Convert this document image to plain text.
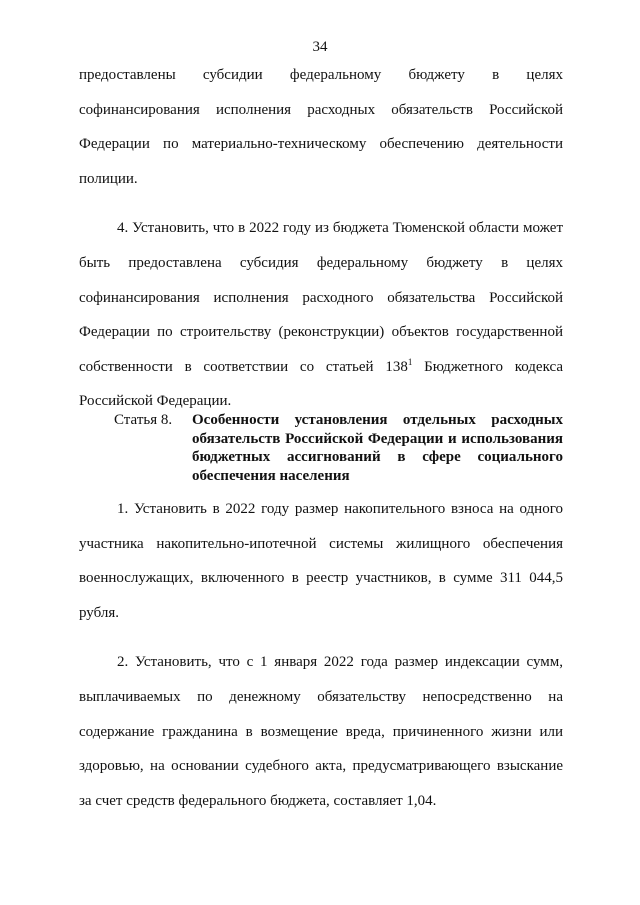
34

предоставлены субсидии федеральному бюджету в целях софинансирования исполнения расходных обязательств Российской Федерации по материально-техническому обеспечению деятельности полиции.

4. Установить, что в 2022 году из бюджета Тюменской области может быть предоставлена субсидия федеральному бюджету в целях софинансирования исполнения расходного обязательства Российской Федерации по строительству (реконструкции) объектов государственной собственности в соответствии со статьей $138^1$ Бюджетного кодекса Российской Федерации.

Статья 8.	Особенности установления отдельных расходных обязательств Российской Федерации и использования бюджетных ассигнований в сфере социального обеспечения населения

1. Установить в 2022 году размер накопительного взноса на одного участника накопительно-ипотечной системы жилищного обеспечения военнослужащих, включенного в реестр участников, в сумме 311 044,5 рубля.

2. Установить, что с 1 января 2022 года размер индексации сумм, выплачиваемых по денежному обязательству непосредственно на содержание гражданина в возмещение вреда, причиненного жизни или здоровью, на основании судебного акта, предусматривающего взыскание за счет средств федерального бюджета, составляет 1,04.
